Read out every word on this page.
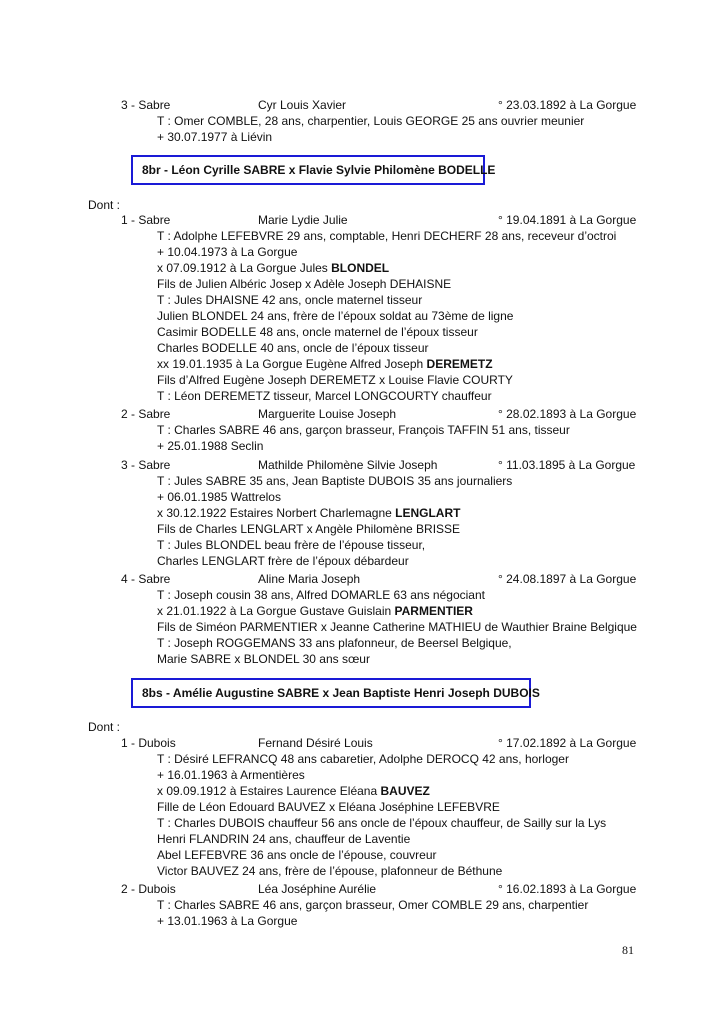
3 - Sabre	Cyr Louis Xavier	° 23.03.1892 à La Gorgue
T : Omer COMBLE, 28 ans, charpentier, Louis GEORGE 25 ans ouvrier meunier
+ 30.07.1977 à Liévin
8br - Léon Cyrille SABRE x Flavie Sylvie Philomène BODELLE
Dont :
1 - Sabre	Marie Lydie Julie	° 19.04.1891 à La Gorgue
T : Adolphe LEFEBVRE 29 ans, comptable, Henri DECHERF 28 ans, receveur d’octroi
+ 10.04.1973 à La Gorgue
x 07.09.1912 à La Gorgue Jules BLONDEL
Fils de Julien Albéric Josep x Adèle Joseph DEHAISNE
T : Jules DHAISNE 42 ans, oncle maternel tisseur
Julien BLONDEL 24 ans, frère de l’époux soldat au 73ème de ligne
Casimir BODELLE 48 ans, oncle maternel de l’époux tisseur
Charles BODELLE 40 ans, oncle de l’époux tisseur
xx 19.01.1935 à La Gorgue Eugène Alfred Joseph DEREMETZ
Fils d’Alfred Eugène Joseph DEREMETZ x Louise Flavie COURTY
T : Léon DEREMETZ tisseur, Marcel LONGCOURTY chauffeur
2 - Sabre	Marguerite Louise Joseph	° 28.02.1893 à La Gorgue
T : Charles SABRE 46 ans, garçon brasseur, François TAFFIN 51 ans, tisseur
+ 25.01.1988 Seclin
3 - Sabre	Mathilde Philomène Silvie Joseph	° 11.03.1895 à La Gorgue
T : Jules SABRE 35 ans, Jean Baptiste DUBOIS 35 ans journaliers
+ 06.01.1985 Wattrelos
x 30.12.1922 Estaires Norbert Charlemagne LENGLART
Fils de Charles LENGLART x Angèle Philomène BRISSE
T : Jules BLONDEL beau frère de l’épouse tisseur,
Charles LENGLART frère de l’époux débardeur
4 - Sabre	Aline Maria Joseph	° 24.08.1897 à La Gorgue
T : Joseph cousin 38 ans, Alfred DOMARLE 63 ans négociant
x 21.01.1922 à La Gorgue Gustave Guislain PARMENTIER
Fils de Siméon PARMENTIER x Jeanne Catherine MATHIEU de Wauthier Braine Belgique
T : Joseph ROGGEMANS 33 ans plafonneur, de Beersel Belgique,
Marie SABRE x BLONDEL 30 ans sœur
8bs - Amélie Augustine SABRE x Jean Baptiste Henri Joseph DUBOIS
Dont :
1 - Dubois	Fernand Désiré Louis	° 17.02.1892 à La Gorgue
T : Désiré LEFRANCQ 48 ans cabaretier, Adolphe DEROCQ 42 ans, horloger
+ 16.01.1963 à Armentières
x 09.09.1912 à Estaires Laurence Eléana BAUVEZ
Fille de Léon Edouard BAUVEZ x Eléana Joséphine LEFEBVRE
T : Charles DUBOIS chauffeur 56 ans oncle de l’époux chauffeur, de Sailly sur la Lys
Henri FLANDRIN 24 ans, chauffeur de Laventie
Abel LEFEBVRE 36 ans oncle de l’épouse, couvreur
Victor BAUVEZ 24 ans, frère de l’épouse, plafonneur de Béthune
2 - Dubois	Léa Joséphine Aurélie	° 16.02.1893 à La Gorgue
T : Charles SABRE 46 ans, garçon brasseur, Omer COMBLE 29 ans, charpentier
+ 13.01.1963 à La Gorgue
81
